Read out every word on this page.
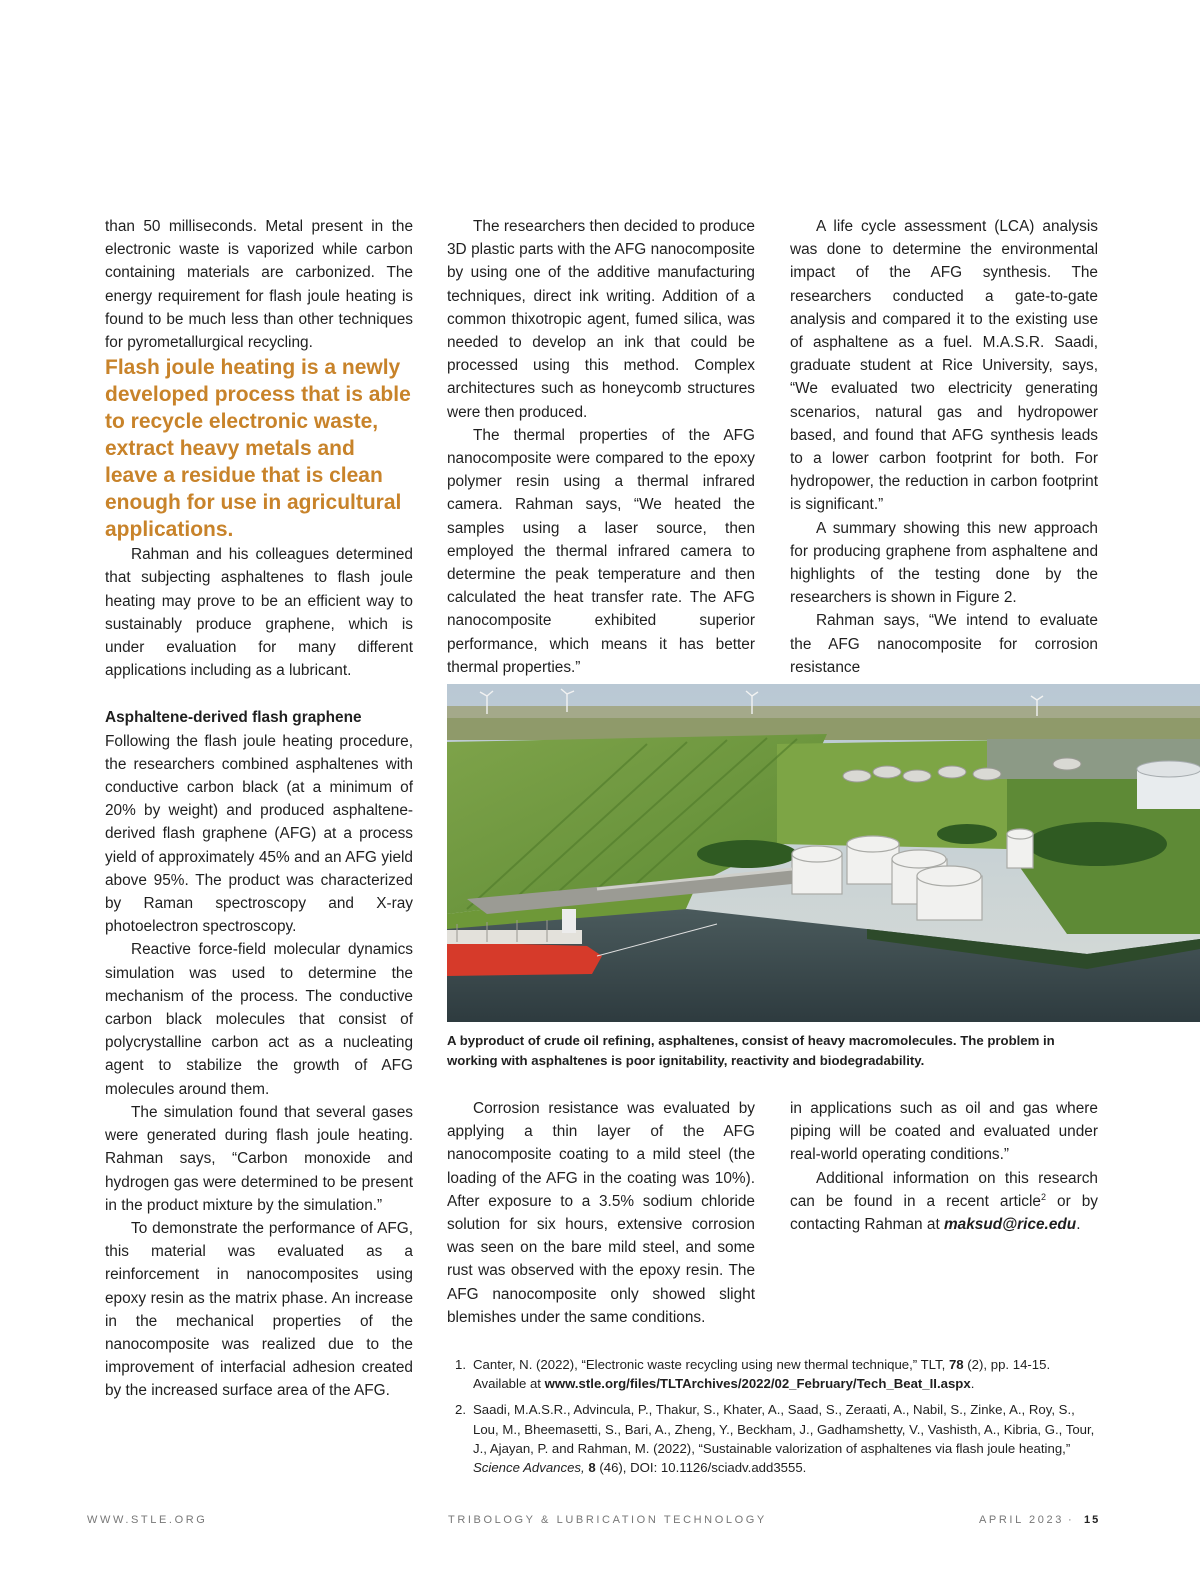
than 50 milliseconds. Metal present in the electronic waste is vaporized while carbon containing materials are carbonized. The energy requirement for flash joule heating is found to be much less than other techniques for pyrometallurgical recycling.

Flash joule heating is a newly developed process that is able to recycle electronic waste, extract heavy metals and leave a residue that is clean enough for use in agricultural applications.

Rahman and his colleagues determined that subjecting asphaltenes to flash joule heating may prove to be an efficient way to sustainably produce graphene, which is under evaluation for many different applications including as a lubricant.

Asphaltene-derived flash graphene

Following the flash joule heating procedure, the researchers combined asphaltenes with conductive carbon black (at a minimum of 20% by weight) and produced asphaltene-derived flash graphene (AFG) at a process yield of approximately 45% and an AFG yield above 95%. The product was characterized by Raman spectroscopy and X-ray photoelectron spectroscopy.

Reactive force-field molecular dynamics simulation was used to determine the mechanism of the process. The conductive carbon black molecules that consist of polycrystalline carbon act as a nucleating agent to stabilize the growth of AFG molecules around them.

The simulation found that several gases were generated during flash joule heating. Rahman says, “Carbon monoxide and hydrogen gas were determined to be present in the product mixture by the simulation.”

To demonstrate the performance of AFG, this material was evaluated as a reinforcement in nanocomposites using epoxy resin as the matrix phase. An increase in the mechanical properties of the nanocomposite was realized due to the improvement of interfacial adhesion created by the increased surface area of the AFG.

The researchers then decided to produce 3D plastic parts with the AFG nanocomposite by using one of the additive manufacturing techniques, direct ink writing. Addition of a common thixotropic agent, fumed silica, was needed to develop an ink that could be processed using this method. Complex architectures such as honeycomb structures were then produced.

The thermal properties of the AFG nanocomposite were compared to the epoxy polymer resin using a thermal infrared camera. Rahman says, “We heated the samples using a laser source, then employed the thermal infrared camera to determine the peak temperature and then calculated the heat transfer rate. The AFG nanocomposite exhibited superior performance, which means it has better thermal properties.”

A life cycle assessment (LCA) analysis was done to determine the environmental impact of the AFG synthesis. The researchers conducted a gate-to-gate analysis and compared it to the existing use of asphaltene as a fuel. M.A.S.R. Saadi, graduate student at Rice University, says, “We evaluated two electricity generating scenarios, natural gas and hydropower based, and found that AFG synthesis leads to a lower carbon footprint for both. For hydropower, the reduction in carbon footprint is significant.”

A summary showing this new approach for producing graphene from asphaltene and highlights of the testing done by the researchers is shown in Figure 2.

Rahman says, “We intend to evaluate the AFG nanocomposite for corrosion resistance

A byproduct of crude oil refining, asphaltenes, consist of heavy macromolecules. The problem in working with asphaltenes is poor ignitability, reactivity and biodegradability.

Corrosion resistance was evaluated by applying a thin layer of the AFG nanocomposite coating to a mild steel (the loading of the AFG in the coating was 10%). After exposure to a 3.5% sodium chloride solution for six hours, extensive corrosion was seen on the bare mild steel, and some rust was observed with the epoxy resin. The AFG nanocomposite only showed slight blemishes under the same conditions.

in applications such as oil and gas where piping will be coated and evaluated under real-world operating conditions.”

Additional information on this research can be found in a recent article$^2$ or by contacting Rahman at maksud@rice.edu.

1. Canter, N. (2022), “Electronic waste recycling using new thermal technique,” TLT, 78 (2), pp. 14-15. Available at www.stle.org/files/TLTArchives/2022/02_February/Tech_Beat_II.aspx.
2. Saadi, M.A.S.R., Advincula, P., Thakur, S., Khater, A., Saad, S., Zeraati, A., Nabil, S., Zinke, A., Roy, S., Lou, M., Bheemasetti, S., Bari, A., Zheng, Y., Beckham, J., Gadhamshetty, V., Vashisth, A., Kibria, G., Tour, J., Ajayan, P. and Rahman, M. (2022), “Sustainable valorization of asphaltenes via flash joule heating,” Science Advances, 8 (46), DOI: 10.1126/sciadv.add3555.
WWW.STLE.ORG	TRIBOLOGY & LUBRICATION TECHNOLOGY	APRIL 2023 · 15
